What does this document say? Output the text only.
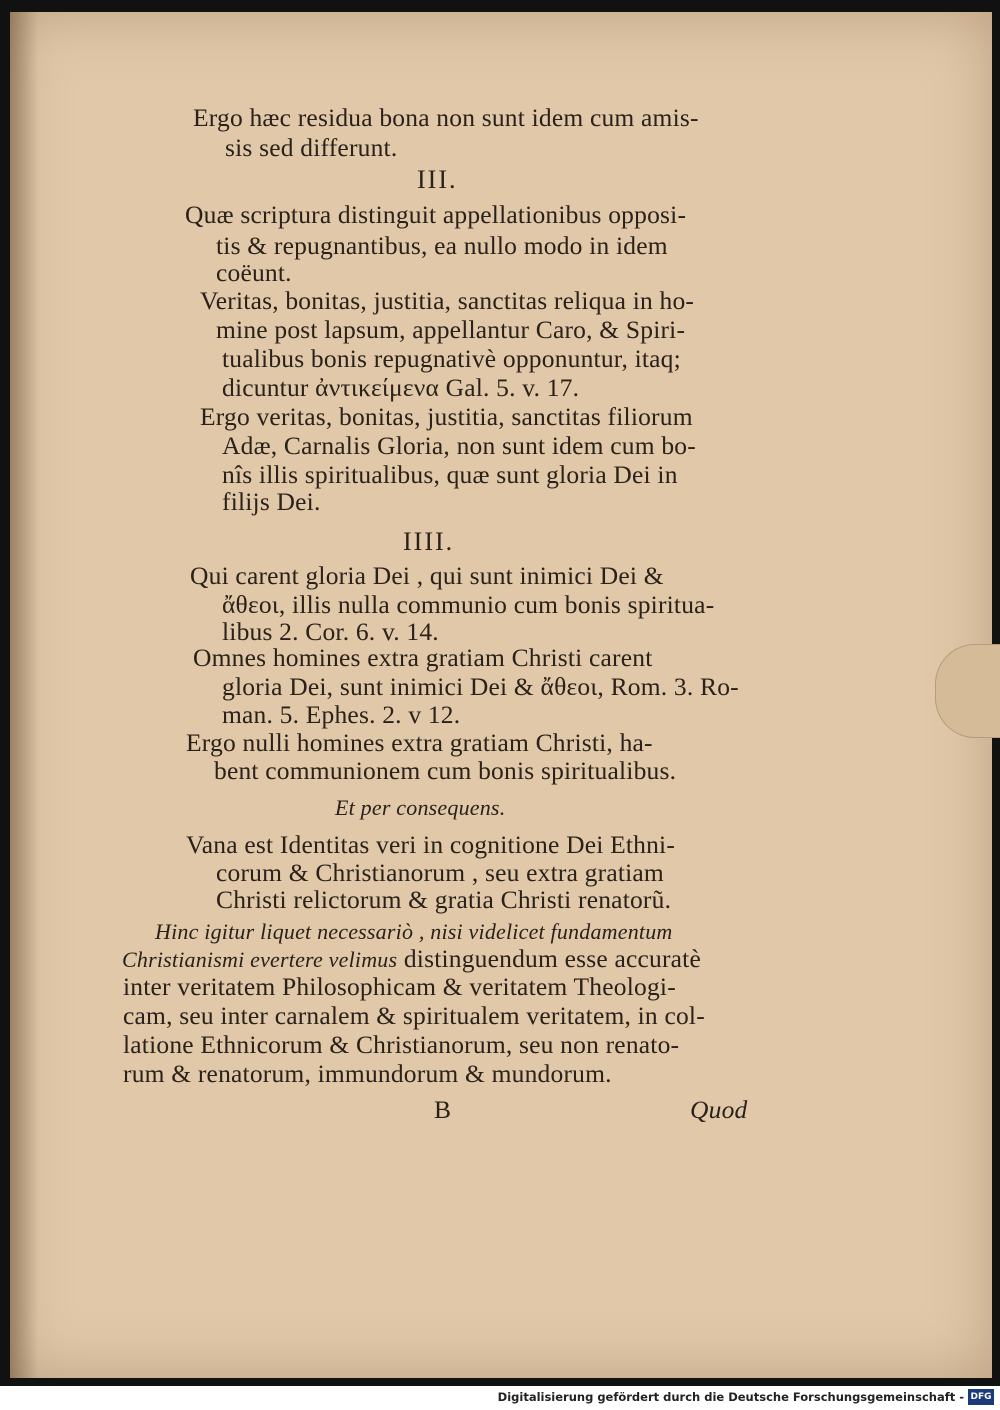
Ergo hæc residua bona non sunt idem cum amis-
sis sed differunt.
III.
Quæ scriptura distinguit appellationibus opposi-
tis & repugnantibus, ea nullo modo in idem
coëunt.
Veritas, bonitas, justitia, sanctitas reliqua in ho-
mine post lapsum, appellantur Caro, & Spiri-
tualibus bonis repugnativè opponuntur, itaq;
dicuntur ἀντικείμενα Gal. 5. v. 17.
Ergo veritas, bonitas, justitia, sanctitas filiorum
Adæ, Carnalis Gloria, non sunt idem cum bo-
nîs illis spiritualibus, quæ sunt gloria Dei in
filijs Dei.
IIII.
Qui carent gloria Dei , qui sunt inimici Dei &
ἄθεοι, illis nulla communio cum bonis spiritua-
libus 2. Cor. 6. v. 14.
Omnes homines extra gratiam Christi carent
gloria Dei, sunt inimici Dei & ἄθεοι, Rom. 3. Ro-
man. 5. Ephes. 2. v 12.
Ergo nulli homines extra gratiam Christi, ha-
bent communionem cum bonis spiritualibus.
Et per consequens.
Vana est Identitas veri in cognitione Dei Ethni-
corum & Christianorum , seu extra gratiam
Christi relictorum & gratia Christi renatorũ.
Hinc igitur liquet necessariò , nisi videlicet fundamentum
Christianismi evertere velimus distinguendum esse accuratè
inter veritatem Philosophicam & veritatem Theologi-
cam, seu inter carnalem & spiritualem veritatem, in col-
latione Ethnicorum & Christianorum, seu non renato-
rum & renatorum, immundorum & mundorum.
B	Quod
Digitalisierung gefördert durch die Deutsche Forschungsgemeinschaft - DFG
